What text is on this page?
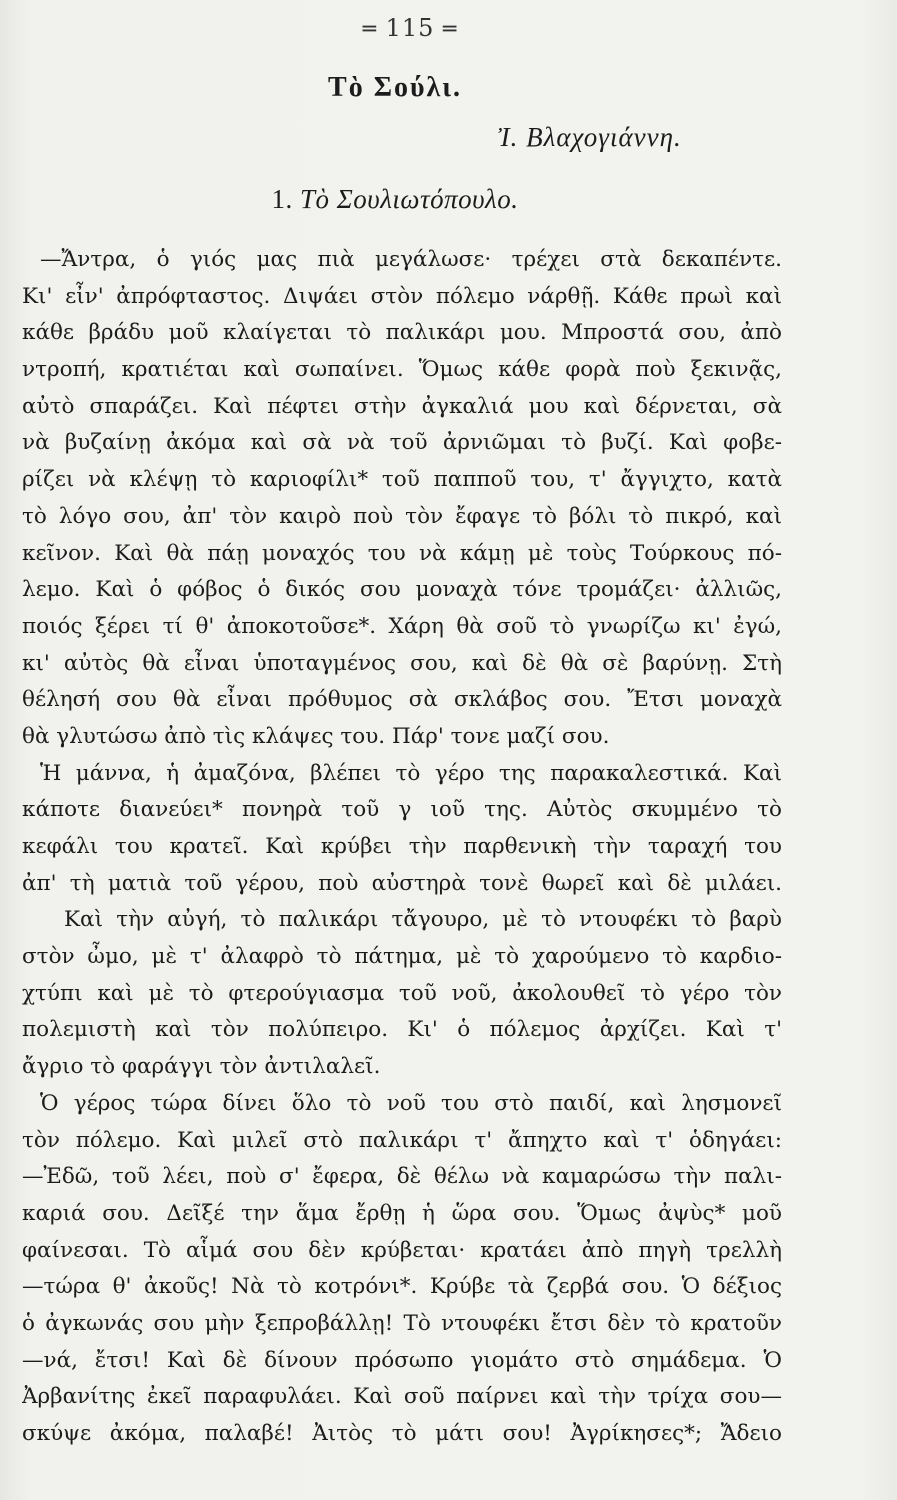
═ 115 ═
Τὸ Σούλι.
Ἰ. Βλαχογιάννη.
1. Τὸ Σουλιωτόπουλο.
—Ἄντρα, ὁ γιός μας πιὰ μεγάλωσε· τρέχει στὰ δεκαπέντε.
Κι' εἶν' ἀπρόφταστος. Διψάει στὸν πόλεμο νάρθῇ. Κάθε πρωὶ καὶ
κάθε βράδυ μοῦ κλαίγεται τὸ παλικάρι μου. Μπροστά σου, ἀπὸ
ντροπή, κρατιέται καὶ σωπαίνει. Ὅμως κάθε φορὰ ποὺ ξεκινᾷς,
αὐτὸ σπαράζει. Καὶ πέφτει στὴν ἀγκαλιά μου καὶ δέρνεται, σὰ
νὰ βυζαίνῃ ἀκόμα καὶ σὰ νὰ τοῦ ἀρνιῶμαι τὸ βυζί. Καὶ φοβε-
ρίζει νὰ κλέψῃ τὸ καριοφίλι* τοῦ παπποῦ του, τ' ἄγγιχτο, κατὰ
τὸ λόγο σου, ἀπ' τὸν καιρὸ ποὺ τὸν ἔφαγε τὸ βόλι τὸ πικρό, καὶ
κεῖνον. Καὶ θὰ πάῃ μοναχός του νὰ κάμῃ μὲ τοὺς Τούρκους πό-
λεμο. Καὶ ὁ φόβος ὁ δικός σου μοναχὰ τόνε τρομάζει· ἀλλιῶς,
ποιός ξέρει τί θ' ἀποκοτοῦσε*. Χάρη θὰ σοῦ τὸ γνωρίζω κι' ἐγώ,
κι' αὐτὸς θὰ εἶναι ὑποταγμένος σου, καὶ δὲ θὰ σὲ βαρύνῃ. Στὴ
θέλησή σου θὰ εἶναι πρόθυμος σὰ σκλάβος σου. Ἔτσι μοναχὰ
θὰ γλυτώσω ἀπὸ τὶς κλάψες του. Πάρ' τονε μαζί σου.
Ἡ μάννα, ἡ ἀμαζόνα, βλέπει τὸ γέρο της παρακαλεστικά. Καὶ
κάποτε διανεύει* πονηρὰ τοῦ γ ιοῦ της. Αὐτὸς σκυμμένο τὸ
κεφάλι του κρατεῖ. Καὶ κρύβει τὴν παρθενικὴ τὴν ταραχή του
ἀπ' τὴ ματιὰ τοῦ γέρου, ποὺ αὐστηρὰ τονὲ θωρεῖ καὶ δὲ μιλάει.
Καὶ τὴν αὐγή, τὸ παλικάρι τἄγουρο, μὲ τὸ ντουφέκι τὸ βαρὺ
στὸν ὦμο, μὲ τ' ἀλαφρὸ τὸ πάτημα, μὲ τὸ χαρούμενο τὸ καρδιο-
χτύπι καὶ μὲ τὸ φτερούγιασμα τοῦ νοῦ, ἀκολουθεῖ τὸ γέρο τὸν
πολεμιστὴ καὶ τὸν πολύπειρο. Κι' ὁ πόλεμος ἀρχίζει. Καὶ τ'
ἄγριο τὸ φαράγγι τὸν ἀντιλαλεῖ.
Ὁ γέρος τώρα δίνει ὅλο τὸ νοῦ του στὸ παιδί, καὶ λησμονεῖ
τὸν πόλεμο. Καὶ μιλεῖ στὸ παλικάρι τ' ἄπηχτο καὶ τ' ὁδηγάει:
—Ἐδῶ, τοῦ λέει, ποὺ σ' ἔφερα, δὲ θέλω νὰ καμαρώσω τὴν παλι-
καριά σου. Δεῖξέ την ἅμα ἔρθῃ ἡ ὥρα σου. Ὅμως ἀψὺς* μοῦ
φαίνεσαι. Τὸ αἷμά σου δὲν κρύβεται· κρατάει ἀπὸ πηγὴ τρελλὴ
—τώρα θ' ἀκοῦς! Νὰ τὸ κοτρόνι*. Κρύβε τὰ ζερβά σου. Ὁ δέξιος
ὁ ἀγκωνάς σου μὴν ξεπροβάλλῃ! Τὸ ντουφέκι ἔτσι δὲν τὸ κρατοῦν
—νά, ἔτσι! Καὶ δὲ δίνουν πρόσωπο γιομάτο στὸ σημάδεμα. Ὁ
Ἀρβανίτης ἐκεῖ παραφυλάει. Καὶ σοῦ παίρνει καὶ τὴν τρίχα σου—
σκύψε ἀκόμα, παλαβέ! Ἀιτὸς τὸ μάτι σου! Ἀγρίκησες*; Ἄδειο
